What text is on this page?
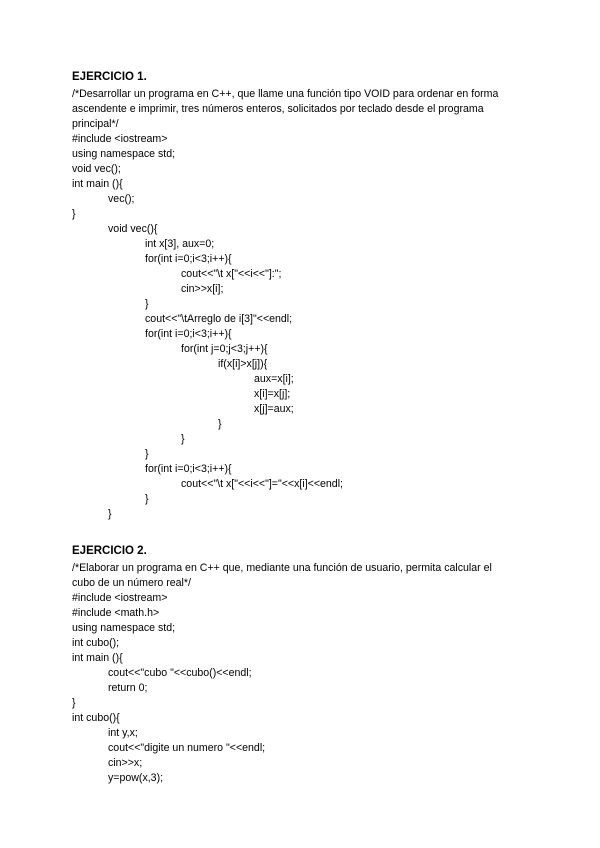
EJERCICIO 1.
/*Desarrollar un programa en C++, que llame una función tipo VOID para ordenar en forma
ascendente e imprimir, tres números enteros, solicitados por teclado desde el programa
principal*/
#include <iostream>
using namespace std;
void vec();
int main (){
vec();
}
void vec(){
int x[3], aux=0;
for(int i=0;i<3;i++){
cout<<"\t x["<<i<<"]:";
cin>>x[i];
}
cout<<"\tArreglo de i[3]"<<endl;
for(int i=0;i<3;i++){
for(int j=0;j<3;j++){
if(x[i]>x[j]){
aux=x[i];
x[i]=x[j];
x[j]=aux;
}
}
}
for(int i=0;i<3;i++){
cout<<"\t x["<<i<<"]="<<x[i]<<endl;
}
}
EJERCICIO 2.
/*Elaborar un programa en C++ que, mediante una función de usuario, permita calcular el
cubo de un número real*/
#include <iostream>
#include <math.h>
using namespace std;
int cubo();
int main (){
cout<<"cubo "<<cubo()<<endl;
return 0;
}
int cubo(){
int y,x;
cout<<"digite un numero "<<endl;
cin>>x;
y=pow(x,3);
